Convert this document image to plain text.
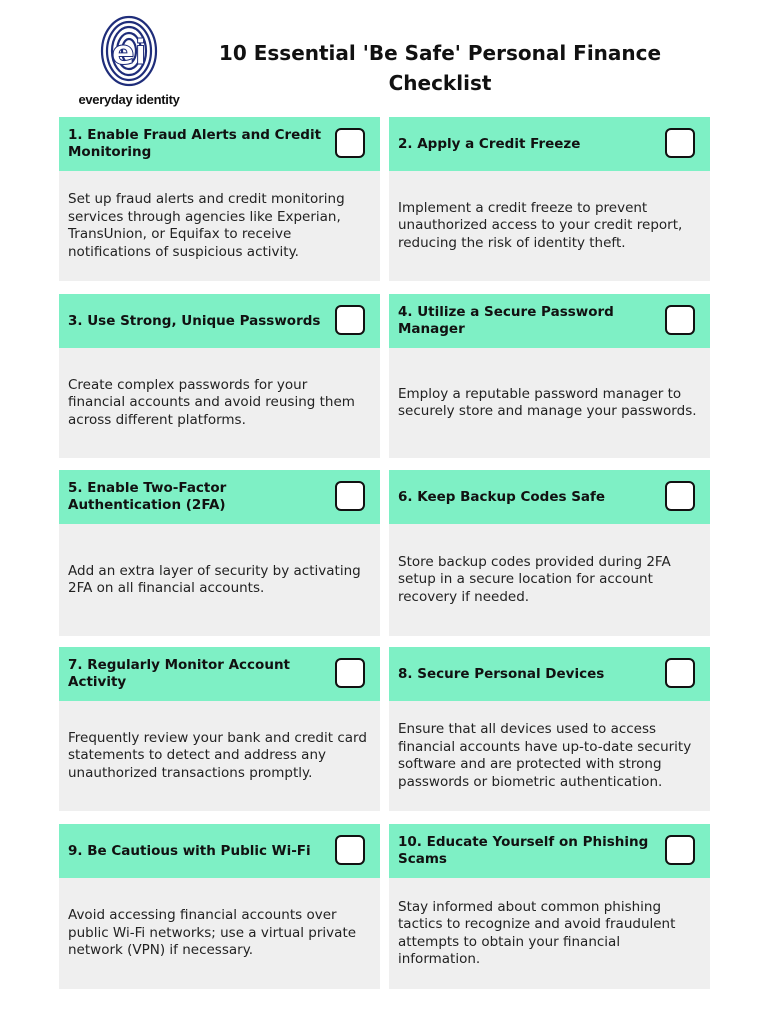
ei
everyday identity
10 Essential 'Be Safe' Personal Finance
Checklist
1. Enable Fraud Alerts and Credit Monitoring
Set up fraud alerts and credit monitoring services through agencies like Experian, TransUnion, or Equifax to receive notifications of suspicious activity.
2. Apply a Credit Freeze
Implement a credit freeze to prevent unauthorized access to your credit report, reducing the risk of identity theft.
3. Use Strong, Unique Passwords
Create complex passwords for your financial accounts and avoid reusing them across different platforms.
4. Utilize a Secure Password Manager
Employ a reputable password manager to securely store and manage your passwords.
5. Enable Two-Factor Authentication (2FA)
Add an extra layer of security by activating 2FA on all financial accounts.
6. Keep Backup Codes Safe
Store backup codes provided during 2FA setup in a secure location for account recovery if needed.
7. Regularly Monitor Account Activity
Frequently review your bank and credit card statements to detect and address any unauthorized transactions promptly.
8. Secure Personal Devices
Ensure that all devices used to access financial accounts have up-to-date security software and are protected with strong passwords or biometric authentication.
9. Be Cautious with Public Wi-Fi
Avoid accessing financial accounts over public Wi-Fi networks; use a virtual private network (VPN) if necessary.
10. Educate Yourself on Phishing Scams
Stay informed about common phishing tactics to recognize and avoid fraudulent attempts to obtain your financial information.
